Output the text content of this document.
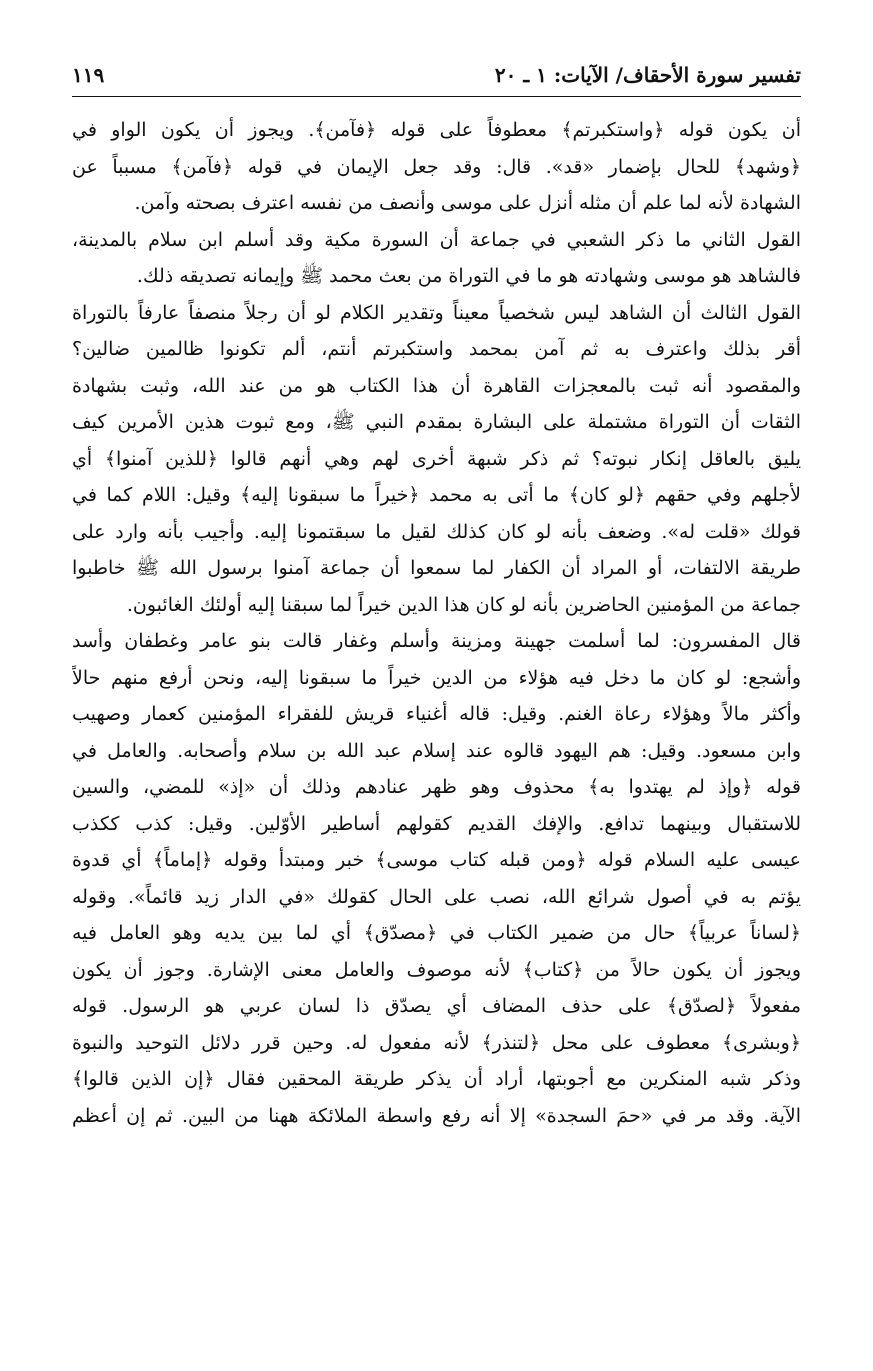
تفسير سورة الأحقاف/ الآيات: ١ ـ ٢٠
١١٩
أن يكون قوله ﴿واستكبرتم﴾ معطوفاً على قوله ﴿فآمن﴾. ويجوز أن يكون الواو في
﴿وشهد﴾ للحال بإضمار «قد». قال: وقد جعل الإيمان في قوله ﴿فآمن﴾ مسبباً عن
الشهادة لأنه لما علم أن مثله أنزل على موسى وأنصف من نفسه اعترف بصحته وآمن.
القول الثاني ما ذكر الشعبي في جماعة أن السورة مكية وقد أسلم ابن سلام بالمدينة،
فالشاهد هو موسى وشهادته هو ما في التوراة من بعث محمد ﷺ وإيمانه تصديقه ذلك.
القول الثالث أن الشاهد ليس شخصياً معيناً وتقدير الكلام لو أن رجلاً منصفاً عارفاً بالتوراة
أقر بذلك واعترف به ثم آمن بمحمد واستكبرتم أنتم، ألم تكونوا ظالمين ضالين؟
والمقصود أنه ثبت بالمعجزات القاهرة أن هذا الكتاب هو من عند الله، وثبت بشهادة
الثقات أن التوراة مشتملة على البشارة بمقدم النبي ﷺ، ومع ثبوت هذين الأمرين كيف
يليق بالعاقل إنكار نبوته؟ ثم ذكر شبهة أخرى لهم وهي أنهم قالوا ﴿للذين آمنوا﴾ أي
لأجلهم وفي حقهم ﴿لو كان﴾ ما أتى به محمد ﴿خيراً ما سبقونا إليه﴾ وقيل: اللام كما في
قولك «قلت له». وضعف بأنه لو كان كذلك لقيل ما سبقتمونا إليه. وأجيب بأنه وارد على
طريقة الالتفات، أو المراد أن الكفار لما سمعوا أن جماعة آمنوا برسول الله ﷺ خاطبوا
جماعة من المؤمنين الحاضرين بأنه لو كان هذا الدين خيراً لما سبقنا إليه أولئك الغائبون.
قال المفسرون: لما أسلمت جهينة ومزينة وأسلم وغفار قالت بنو عامر وغطفان وأسد
وأشجع: لو كان ما دخل فيه هؤلاء من الدين خيراً ما سبقونا إليه، ونحن أرفع منهم حالاً
وأكثر مالاً وهؤلاء رعاة الغنم. وقيل: قاله أغنياء قريش للفقراء المؤمنين كعمار وصهيب
وابن مسعود. وقيل: هم اليهود قالوه عند إسلام عبد الله بن سلام وأصحابه. والعامل في
قوله ﴿وإذ لم يهتدوا به﴾ محذوف وهو ظهر عنادهم وذلك أن «إذ» للمضي، والسين
للاستقبال وبينهما تدافع. والإفك القديم كقولهم أساطير الأوّلين. وقيل: كذب ككذب
عيسى عليه السلام قوله ﴿ومن قبله كتاب موسى﴾ خبر ومبتدأ وقوله ﴿إماماً﴾ أي قدوة
يؤتم به في أصول شرائع الله، نصب على الحال كقولك «في الدار زيد قائماً». وقوله
﴿لساناً عربياً﴾ حال من ضمير الكتاب في ﴿مصدّق﴾ أي لما بين يديه وهو العامل فيه
ويجوز أن يكون حالاً من ﴿كتاب﴾ لأنه موصوف والعامل معنى الإشارة. وجوز أن يكون
مفعولاً ﴿لصدّق﴾ على حذف المضاف أي يصدّق ذا لسان عربي هو الرسول. قوله
﴿وبشرى﴾ معطوف على محل ﴿لتنذر﴾ لأنه مفعول له. وحين قرر دلائل التوحيد والنبوة
وذكر شبه المنكرين مع أجوبتها، أراد أن يذكر طريقة المحقين فقال ﴿إن الذين قالوا﴾
الآية. وقد مر في «حمَ السجدة» إلا أنه رفع واسطة الملائكة ههنا من البين. ثم إن أعظم
